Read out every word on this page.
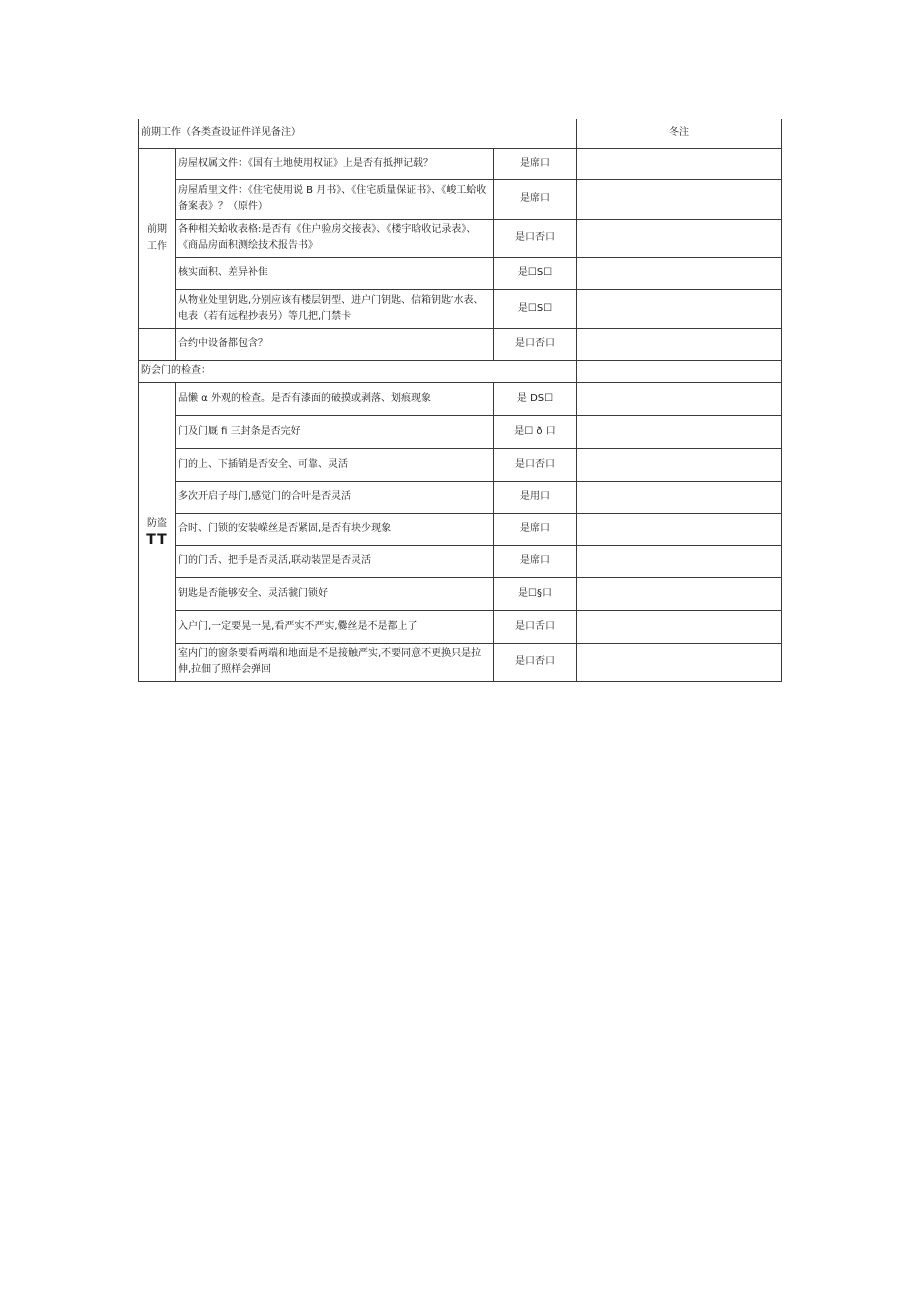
前期工作（各类查设证件详见备注）			冬注

前期
工作	房屋权属文件：《国有土地使用权证》上是否有抵押记载？	是席口	
	房屋盾里文件：《住宅使用说 B 月书》、《住宅质量保证书》、《峻工蛤收备案表》？（原件）	是席口	
	各种相关蛤收表格:是否有《住户验房交接表》、《楼宇晗收记录表》、《商品房面积测绘技术报告书》	是口否口	
	核实面积、差异补隹	是☐S☐	
	从物业处里钥匙,分别应该有楼层钥型、进户门钥匙、信箱钥匙′水表、电表（若有远程抄表另）等几把,门禁卡	是☐S☐	
	合约中设备都包含？	是口否口	
防会门的检查：			

防盗
TT	品懒 α 外观的检查。是否有漆面的破摸或剥落、划痕现象	是 DS☐	
	门及门厩 fi 三封条是否完好	是☐ ð 口	
	门的上、下插销是否安全、可靠、灵活	是口否口	
	多次开启子母门,感觉门的合叶是否灵活	是用口	
	合时、门锁的安装嵘丝是否紧固,是否有块少现象	是席口	
	门的门舌、把手是否灵活,联动装罡是否灵活	是席口	
	钥匙是否能够安全、灵活虢门锁好	是☐§口	
	入户门,一定要晃一晃,看严实不严实,爨丝是不是都上了	是口舌口	
	室内门的窗条要看两端和地面是不是接触严实,不要同意不更换只是拉伸,拉佃了照样会弹回	是口否口	
